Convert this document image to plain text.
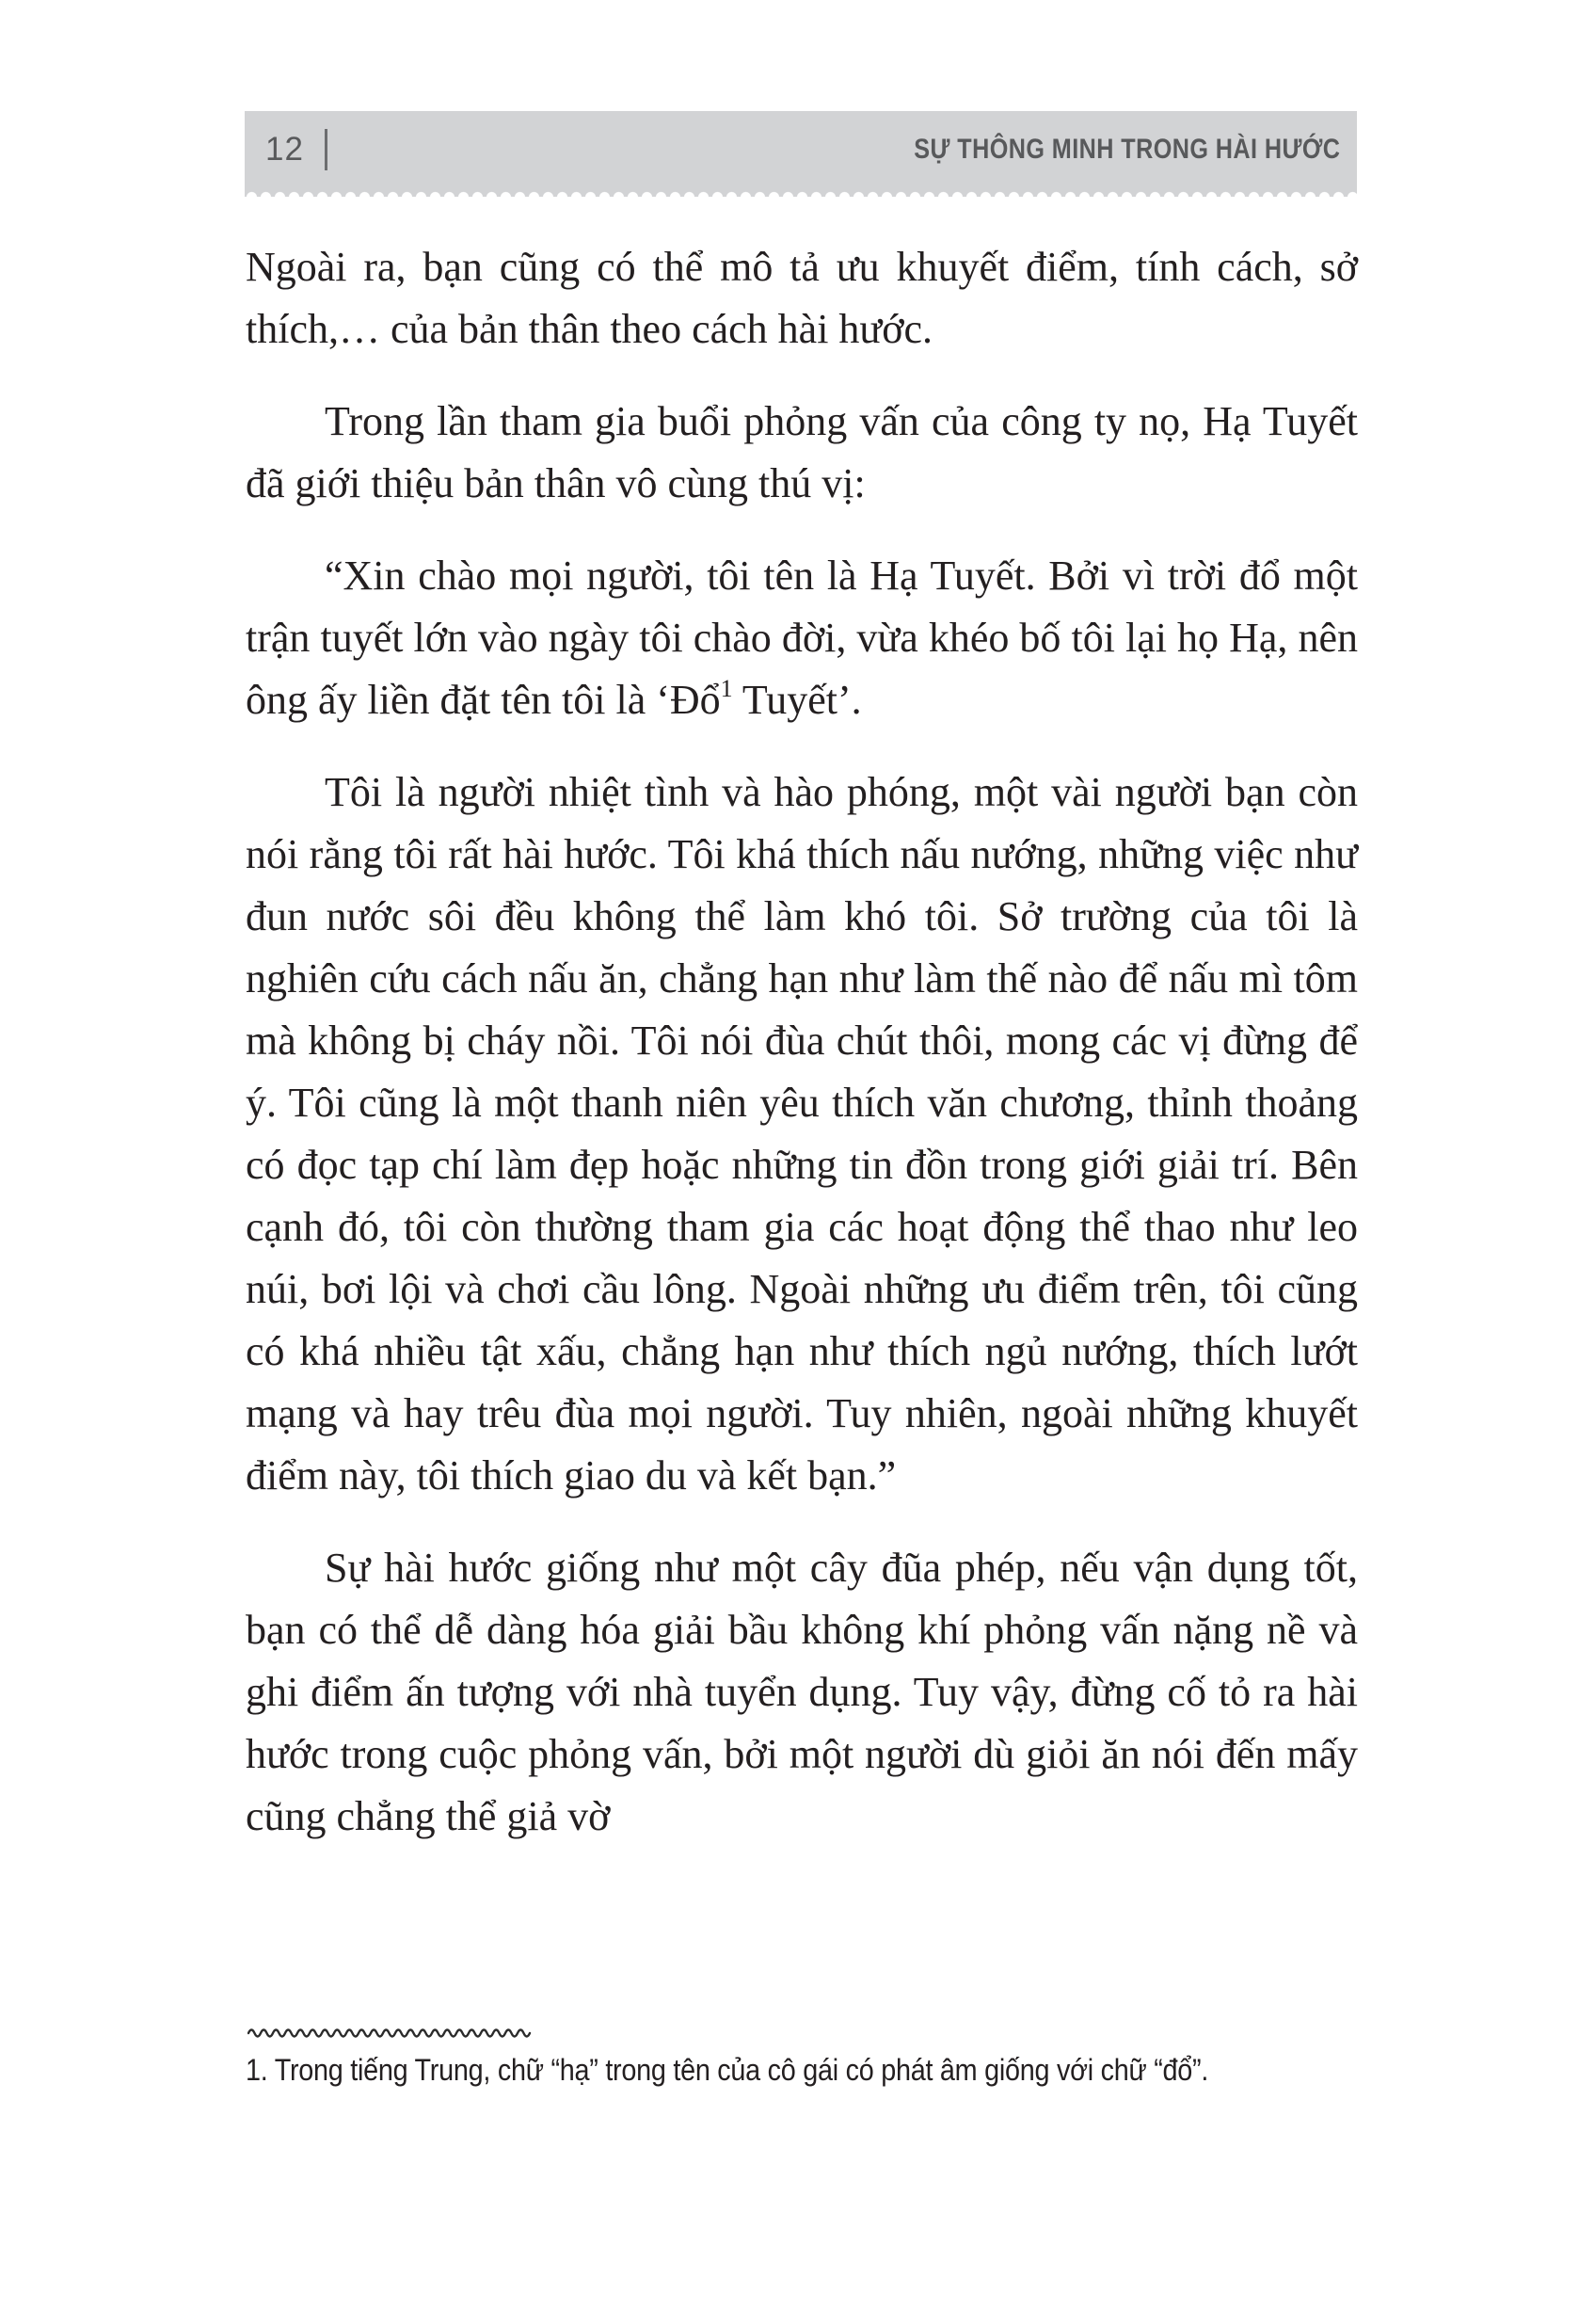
12	SỰ THÔNG MINH TRONG HÀI HƯỚC

Ngoài ra, bạn cũng có thể mô tả ưu khuyết điểm, tính cách, sở thích,… của bản thân theo cách hài hước.

Trong lần tham gia buổi phỏng vấn của công ty nọ, Hạ Tuyết đã giới thiệu bản thân vô cùng thú vị:

“Xin chào mọi người, tôi tên là Hạ Tuyết. Bởi vì trời đổ một trận tuyết lớn vào ngày tôi chào đời, vừa khéo bố tôi lại họ Hạ, nên ông ấy liền đặt tên tôi là ‘Đổ$^1$ Tuyết’.

Tôi là người nhiệt tình và hào phóng, một vài người bạn còn nói rằng tôi rất hài hước. Tôi khá thích nấu nướng, những việc như đun nước sôi đều không thể làm khó tôi. Sở trường của tôi là nghiên cứu cách nấu ăn, chẳng hạn như làm thế nào để nấu mì tôm mà không bị cháy nồi. Tôi nói đùa chút thôi, mong các vị đừng để ý. Tôi cũng là một thanh niên yêu thích văn chương, thỉnh thoảng có đọc tạp chí làm đẹp hoặc những tin đồn trong giới giải trí. Bên cạnh đó, tôi còn thường tham gia các hoạt động thể thao như leo núi, bơi lội và chơi cầu lông. Ngoài những ưu điểm trên, tôi cũng có khá nhiều tật xấu, chẳng hạn như thích ngủ nướng, thích lướt mạng và hay trêu đùa mọi người. Tuy nhiên, ngoài những khuyết điểm này, tôi thích giao du và kết bạn.”

Sự hài hước giống như một cây đũa phép, nếu vận dụng tốt, bạn có thể dễ dàng hóa giải bầu không khí phỏng vấn nặng nề và ghi điểm ấn tượng với nhà tuyển dụng. Tuy vậy, đừng cố tỏ ra hài hước trong cuộc phỏng vấn, bởi một người dù giỏi ăn nói đến mấy cũng chẳng thể giả vờ

1. Trong tiếng Trung, chữ “hạ” trong tên của cô gái có phát âm giống với chữ “đổ”.
